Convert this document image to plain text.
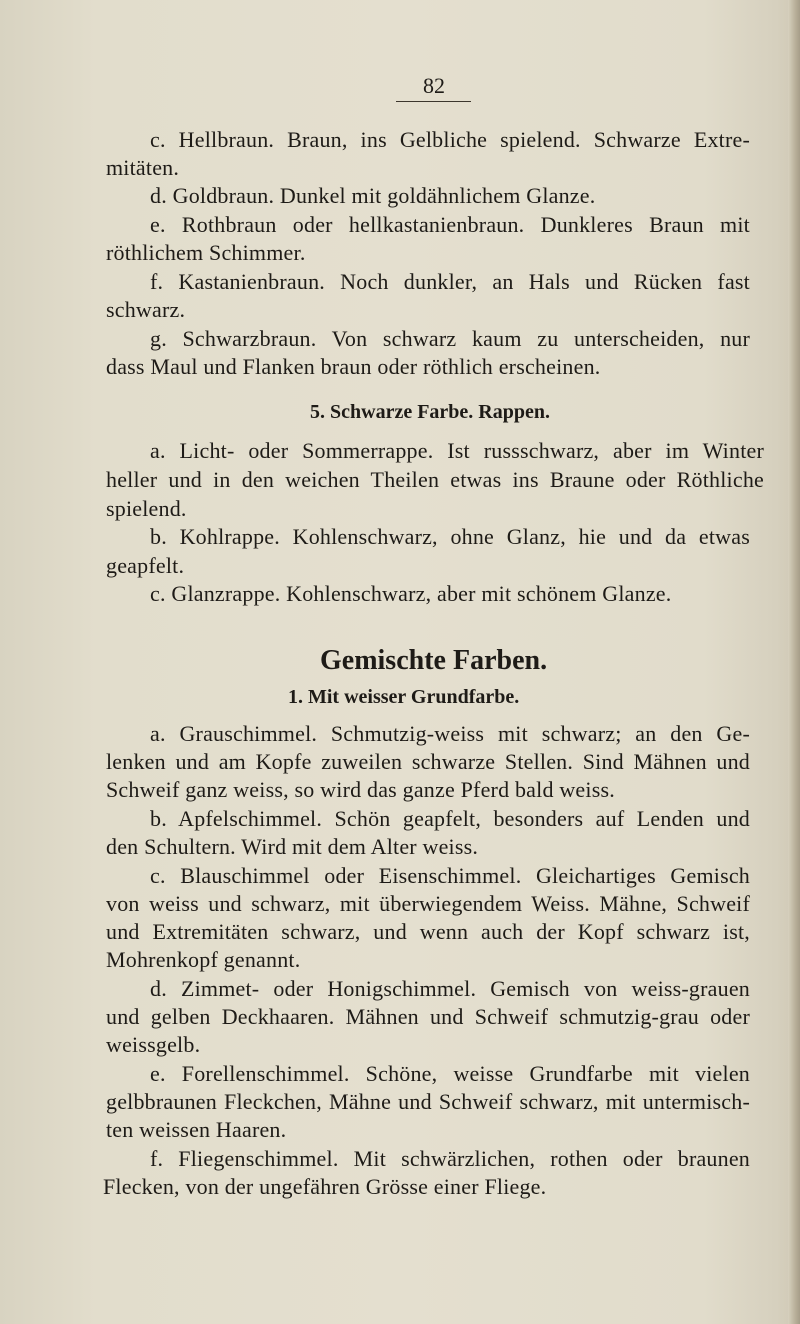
82
c. Hellbraun. Braun, ins Gelbliche spielend. Schwarze Extre-
mitäten.
d. Goldbraun. Dunkel mit goldähnlichem Glanze.
e. Rothbraun oder hellkastanienbraun. Dunkleres Braun mit
röthlichem Schimmer.
f. Kastanienbraun. Noch dunkler, an Hals und Rücken fast
schwarz.
g. Schwarzbraun. Von schwarz kaum zu unterscheiden, nur
dass Maul und Flanken braun oder röthlich erscheinen.
5. Schwarze Farbe. Rappen.
a. Licht- oder Sommerrappe. Ist russschwarz, aber im Winter
heller und in den weichen Theilen etwas ins Braune oder Röthliche
spielend.
b. Kohlrappe. Kohlenschwarz, ohne Glanz, hie und da etwas
geapfelt.
c. Glanzrappe. Kohlenschwarz, aber mit schönem Glanze.
Gemischte Farben.
1. Mit weisser Grundfarbe.
a. Grauschimmel. Schmutzig-weiss mit schwarz; an den Ge-
lenken und am Kopfe zuweilen schwarze Stellen. Sind Mähnen und
Schweif ganz weiss, so wird das ganze Pferd bald weiss.
b. Apfelschimmel. Schön geapfelt, besonders auf Lenden und
den Schultern. Wird mit dem Alter weiss.
c. Blauschimmel oder Eisenschimmel. Gleichartiges Gemisch
von weiss und schwarz, mit überwiegendem Weiss. Mähne, Schweif
und Extremitäten schwarz, und wenn auch der Kopf schwarz ist,
Mohrenkopf genannt.
d. Zimmet- oder Honigschimmel. Gemisch von weiss-grauen
und gelben Deckhaaren. Mähnen und Schweif schmutzig-grau oder
weissgelb.
e. Forellenschimmel. Schöne, weisse Grundfarbe mit vielen
gelbbraunen Fleckchen, Mähne und Schweif schwarz, mit untermisch-
ten weissen Haaren.
f. Fliegenschimmel. Mit schwärzlichen, rothen oder braunen
Flecken, von der ungefähren Grösse einer Fliege.
